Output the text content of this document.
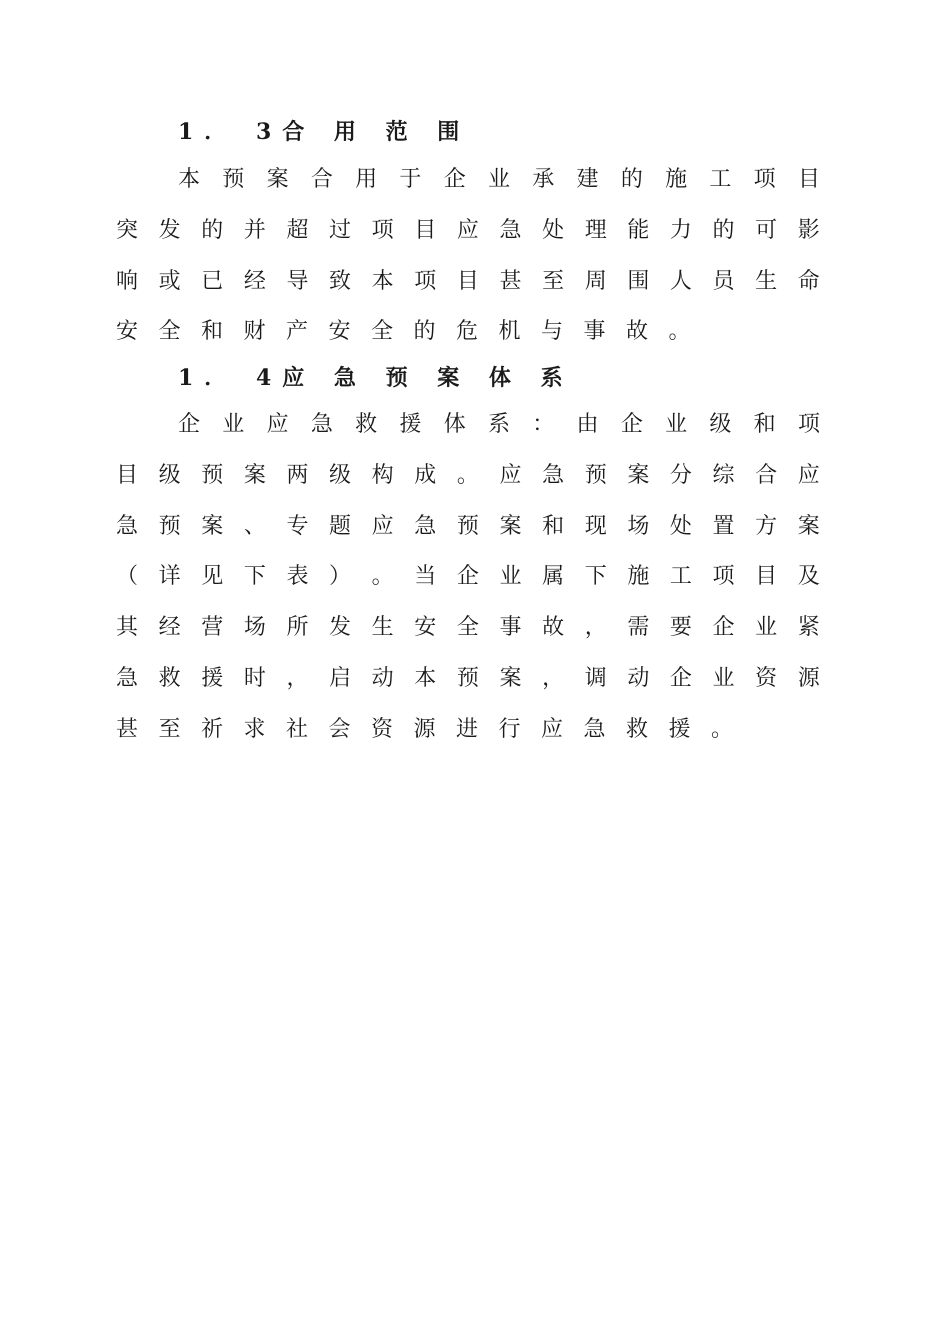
1． 3合 用 范 围
本 预 案 合 用 于 企 业 承 建 的 施 工 项 目
突 发 的 并 超 过 项 目 应 急 处 理 能 力 的 可 影
响 或 已 经 导 致 本 项 目 甚 至 周 围 人 员 生 命
安全和财产安全的危机与事故。
1． 4应 急 预 案 体 系
企 业 应 急 救 援 体 系 ： 由 企 业 级 和 项
目 级 预 案 两 级 构 成 。 应 急 预 案 分 综 合 应
急 预 案 、 专 题 应 急 预 案 和 现 场 处 置 方 案
（ 详 见 下 表 ） 。 当 企 业 属 下 施 工 项 目 及
其 经 营 场 所 发 生 安 全 事 故 ， 需 要 企 业 紧
急 救 援 时 ， 启 动 本 预 案 ， 调 动 企 业 资 源
甚至祈求社会资源进行应急救援。
